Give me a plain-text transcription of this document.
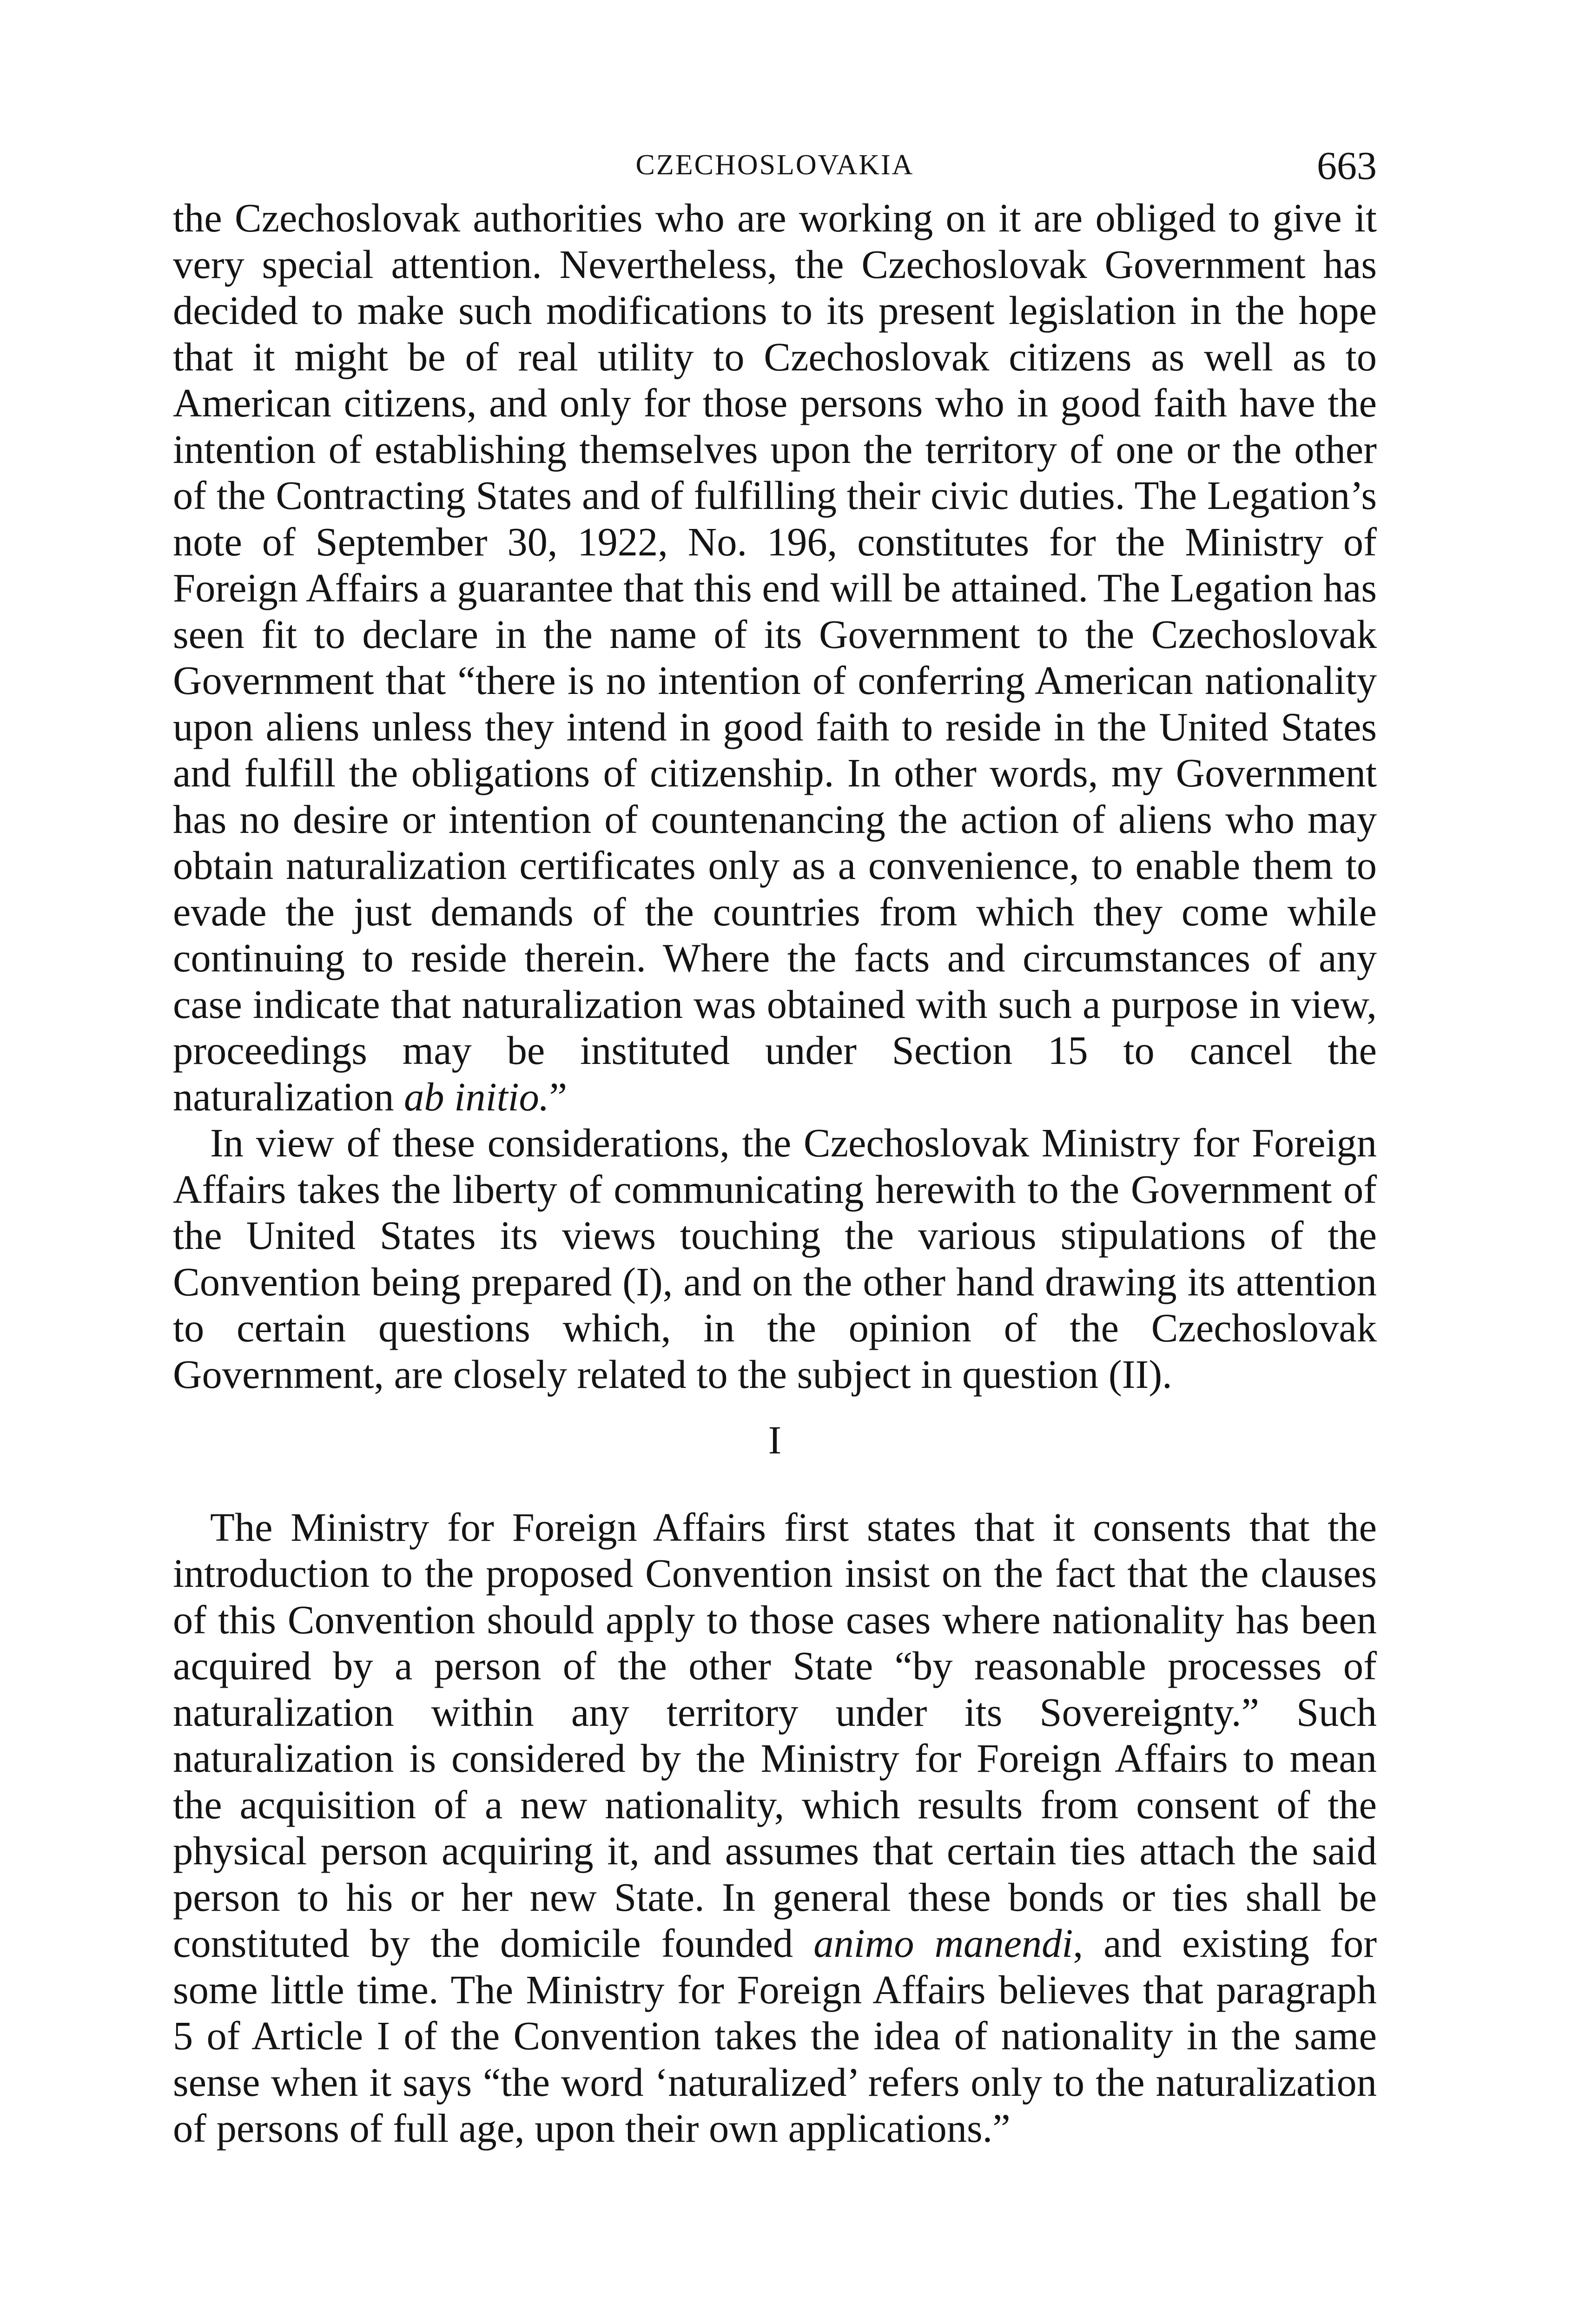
CZECHOSLOVAKIA	663

the Czechoslovak authorities who are working on it are obliged to give it very special attention. Nevertheless, the Czechoslovak Government has decided to make such modifications to its present legislation in the hope that it might be of real utility to Czechoslovak citizens as well as to American citizens, and only for those persons who in good faith have the intention of establishing themselves upon the territory of one or the other of the Contracting States and of fulfilling their civic duties. The Legation’s note of September 30, 1922, No. 196, constitutes for the Ministry of Foreign Affairs a guarantee that this end will be attained. The Legation has seen fit to declare in the name of its Government to the Czechoslovak Government that “there is no intention of conferring American nationality upon aliens unless they intend in good faith to reside in the United States and fulfill the obligations of citizenship. In other words, my Government has no desire or intention of countenancing the action of aliens who may obtain naturalization certificates only as a convenience, to enable them to evade the just demands of the countries from which they come while continuing to reside therein. Where the facts and circumstances of any case indicate that naturalization was obtained with such a purpose in view, proceedings may be instituted under Section 15 to cancel the naturalization ab initio.”

In view of these considerations, the Czechoslovak Ministry for Foreign Affairs takes the liberty of communicating herewith to the Government of the United States its views touching the various stipulations of the Convention being prepared (I), and on the other hand drawing its attention to certain questions which, in the opinion of the Czechoslovak Government, are closely related to the subject in question (II).

I

The Ministry for Foreign Affairs first states that it consents that the introduction to the proposed Convention insist on the fact that the clauses of this Convention should apply to those cases where nationality has been acquired by a person of the other State “by reasonable processes of naturalization within any territory under its Sovereignty.” Such naturalization is considered by the Ministry for Foreign Affairs to mean the acquisition of a new nationality, which results from consent of the physical person acquiring it, and assumes that certain ties attach the said person to his or her new State. In general these bonds or ties shall be constituted by the domicile founded animo manendi, and existing for some little time. The Ministry for Foreign Affairs believes that paragraph 5 of Article I of the Convention takes the idea of nationality in the same sense when it says “the word ‘naturalized’ refers only to the naturalization of persons of full age, upon their own applications.”
